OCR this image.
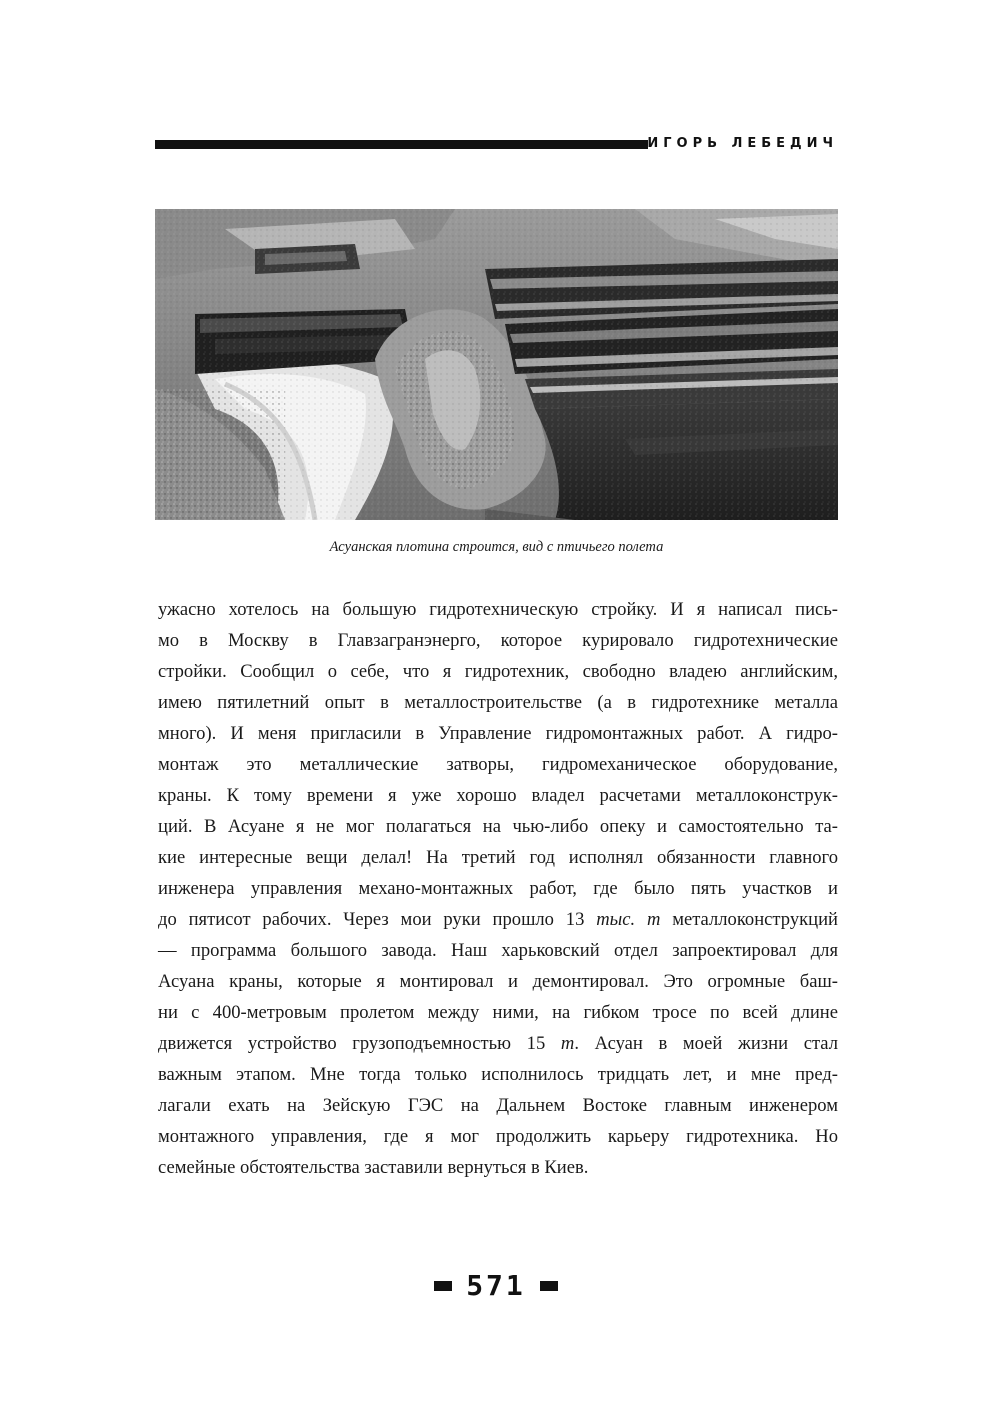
ИГОРЬ ЛЕБЕДИЧ
Асуанская плотина строится, вид с птичьего полета
ужасно хотелось на большую гидротехническую стройку. И я написал пись-
мо в Москву в Главзагранэнерго, которое курировало гидротехнические
стройки. Сообщил о себе, что я гидротехник, свободно владею английским,
имею пятилетний опыт в металлостроительстве (а в гидротехнике металла
много). И меня пригласили в Управление гидромонтажных работ. А гидро-
монтаж это металлические затворы, гидромеханическое оборудование,
краны. К тому времени я уже хорошо владел расчетами металлоконструк-
ций. В Асуане я не мог полагаться на чью-либо опеку и самостоятельно та-
кие интересные вещи делал! На третий год исполнял обязанности главного
инженера управления механо-монтажных работ, где было пять участков и
до пятисот рабочих. Через мои руки прошло 13 тыс. т металлоконструкций
— программа большого завода. Наш харьковский отдел запроектировал для
Асуана краны, которые я монтировал и демонтировал. Это огромные баш-
ни с 400-метровым пролетом между ними, на гибком тросе по всей длине
движется устройство грузоподъемностью 15 т. Асуан в моей жизни стал
важным этапом. Мне тогда только исполнилось тридцать лет, и мне пред-
лагали ехать на Зейскую ГЭС на Дальнем Востоке главным инженером
монтажного управления, где я мог продолжить карьеру гидротехника. Но
семейные обстоятельства заставили вернуться в Киев.
571
